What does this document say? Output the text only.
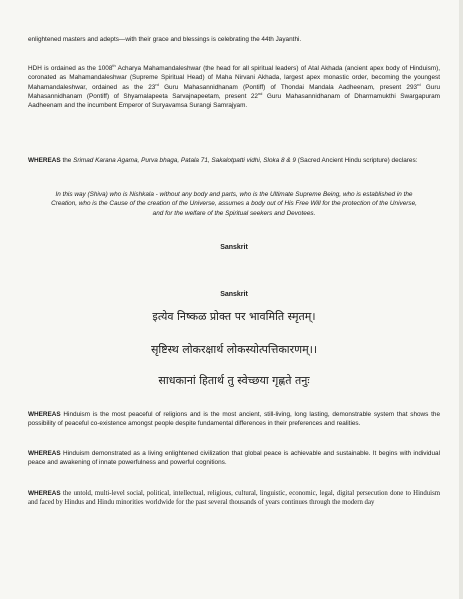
enlightened masters and adepts—with their grace and blessings is celebrating the 44th Jayanthi.

HDH is ordained as the 1008th Acharya Mahamandaleshwar (the head for all spiritual leaders) of Atal Akhada (ancient apex body of Hinduism), coronated as Mahamandaleshwar (Supreme Spiritual Head) of Maha Nirvani Akhada, largest apex monastic order, becoming the youngest Mahamandaleshwar, ordained as the 23rd Guru Mahasannidhanam (Pontiff) of Thondai Mandala Aadheenam, present 293rd Guru Mahasannidhanam (Pontiff) of Shyamalapeeta Sarvajnapeetam, present 22nd Guru Mahasannidhanam of Dharmamukthi Swargapuram Aadheenam and the incumbent Emperor of Suryavamsa Surangi Samrajyam.

WHEREAS the Srimad Karana Agama, Purva bhaga, Patala 71, Sakalotpatti vidhi, Sloka 8 & 9 (Sacred Ancient Hindu scripture) declares:

In this way (Shiva) who is Nishkala - without any body and parts, who is the Ultimate Supreme Being, who is established in the Creation, who is the Cause of the creation of the Universe, assumes a body out of His Free Will for the protection of the Universe, and for the welfare of the Spiritual seekers and Devotees.

Sanskrit

Sanskrit

इत्येव निष्कळ प्रोक्त पर भावमिति स्मृतम्।

सृष्टिस्थ लोकरक्षार्थ लोकस्योत्पत्तिकारणम्।।

साधकानां हितार्थ तु स्वेच्छया गृह्णते तनुः

WHEREAS Hinduism is the most peaceful of religions and is the most ancient, still-living, long lasting, demonstrable system that shows the possibility of peaceful co-existence amongst people despite fundamental differences in their preferences and realities.

WHEREAS Hinduism demonstrated as a living enlightened civilization that global peace is achievable and sustainable. It begins with individual peace and awakening of innate powerfulness and powerful cognitions.

WHEREAS the untold, multi-level social, political, intellectual, religious, cultural, linguistic, economic, legal, digital persecution done to Hinduism and faced by Hindus and Hindu minorities worldwide for the past several thousands of years continues through the modern day
